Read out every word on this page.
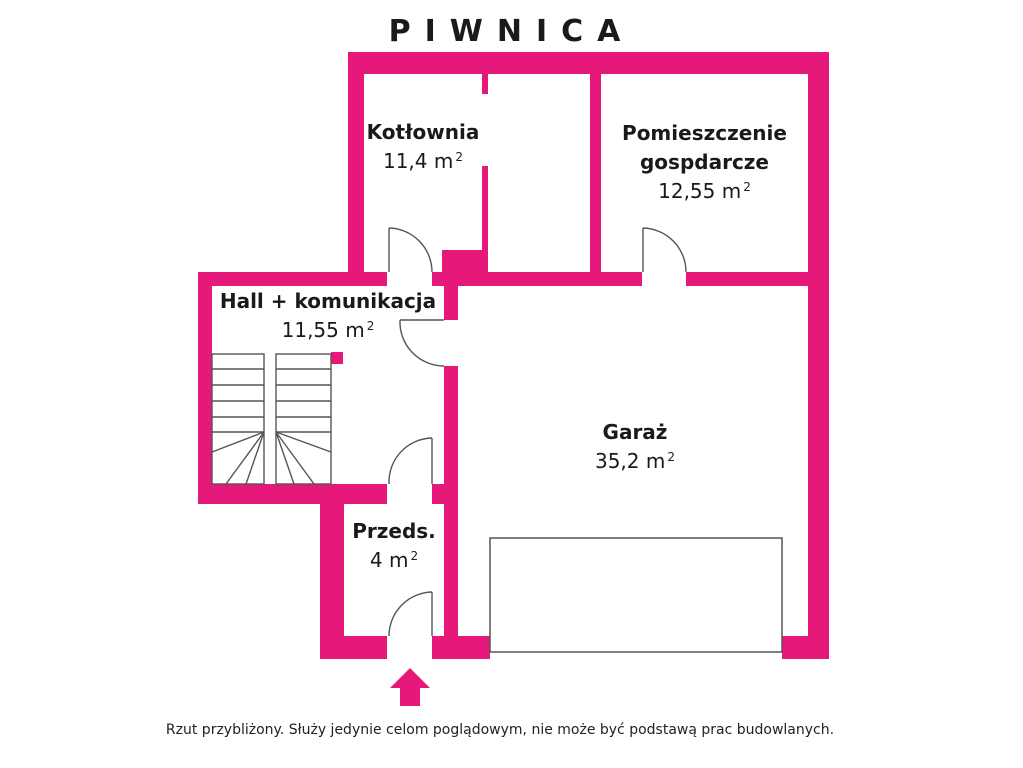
PIWNICA
Kotłownia
11,4 m $^2$
Pomieszczenie
gospdarcze
12,55 m $^2$
Hall + komunikacja
11,55 m $^2$
Garaż
35,2 m $^2$
Przeds.
4 m $^2$
Rzut przybliżony. Służy jedynie celom poglądowym, nie może być podstawą prac budowlanych.
